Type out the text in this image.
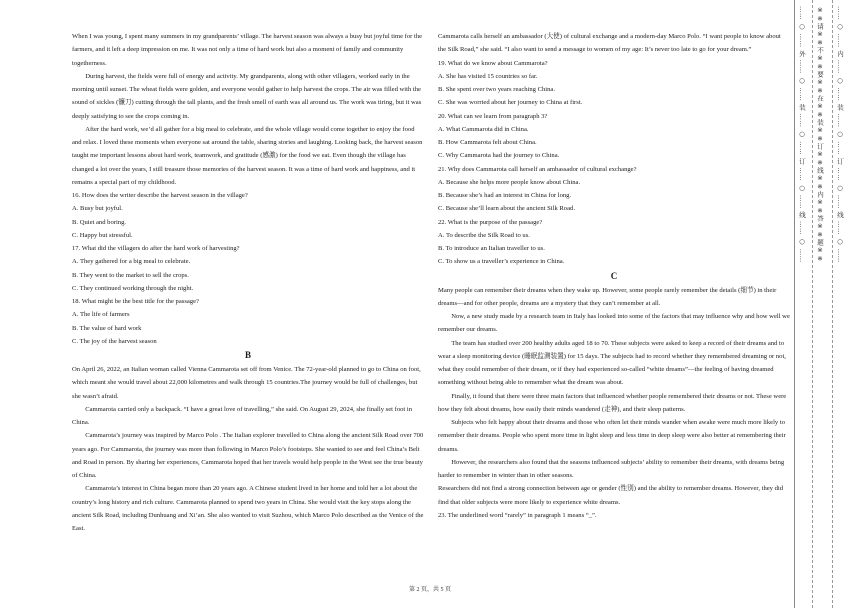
When I was young, I spent many summers in my grandparents’ village. The harvest season was always a busy but joyful time for the farmers, and it left a deep impression on me. It was not only a time of hard work but also a moment of family and community togetherness.

During harvest, the fields were full of energy and activity. My grandparents, along with other villagers, worked early in the morning until sunset. The wheat fields were golden, and everyone would gather to help harvest the crops. The air was filled with the sound of sickles (镰刀) cutting through the tall plants, and the fresh smell of earth was all around us. The work was tiring, but it was deeply satisfying to see the crops coming in.

After the hard work, we’d all gather for a big meal to celebrate, and the whole village would come together to enjoy the food and relax. I loved these moments when everyone sat around the table, sharing stories and laughing. Looking back, the harvest season taught me important lessons about hard work, teamwork, and gratitude (感激) for the food we eat. Even though the village has changed a lot over the years, I still treasure those memories of the harvest season. It was a time of hard work and happiness, and it remains a special part of my childhood.

16. How does the writer describe the harvest season in the village?

A. Busy but joyful.

B. Quiet and boring.

C. Happy but stressful.

17. What did the villagers do after the hard work of harvesting?

A. They gathered for a big meal to celebrate.

B. They went to the market to sell the crops.

C. They continued working through the night.

18. What might be the best title for the passage?

A. The life of farmers

B. The value of hard work

C. The joy of the harvest season

B

On April 26, 2022, an Italian woman called Vienna Cammarota set off from Venice. The 72-year-old planned to go to China on foot, which meant she would travel about 22,000 kilometres and walk through 15 countries.The journey would be full of challenges, but she wasn’t afraid.

Cammarota carried only a backpack. “I have a great love of travelling,” she said. On August 29, 2024, she finally set foot in China.

Cammarota’s journey was inspired by Marco Polo . The Italian explorer travelled to China along the ancient Silk Road over 700 years ago. For Cammarota, the journey was more than following in Marco Polo’s footsteps. She wanted to see and feel China’s Belt and Road in person. By sharing her experiences, Cammarota hoped that her travels would help people in the West see the true beauty of China.

Cammarota’s interest in China began more than 20 years ago. A Chinese student lived in her home and told her a lot about the country’s long history and rich culture. Cammarota planned to spend two years in China. She would visit the key stops along the ancient Silk Road, including Dunhuang and Xi’an. She also wanted to visit Suzhou, which Marco Polo described as the Venice of the East.

Cammarota calls herself an ambassador (大使) of cultural exchange and a modern-day Marco Polo. “I want people to know about the Silk Road,” she said. “I also want to send a message to women of my age: It’s never too late to go for your dream.”

19. What do we know about Cammarota?

A. She has visited 15 countries so far.

B. She spent over two years reaching China.

C. She was worried about her journey to China at first.

20. What can we learn from paragraph 3?

A. What Cammarota did in China.

B. How Cammarota felt about China.

C. Why Cammarota had the journey to China.

21. Why does Cammarota call herself an ambassador of cultural exchange?

A. Because she helps more people know about China.

B. Because she’s had an interest in China for long.

C. Because she’ll learn about the ancient Silk Road.

22. What is the purpose of the passage?

A. To describe the Silk Road to us.

B. To introduce an Italian traveller to us.

C. To show us a traveller’s experience in China.

C

Many people can remember their dreams when they wake up. However, some people rarely remember the details (细节) in their dreams—and for other people, dreams are a mystery that they can’t remember at all.

Now, a new study made by a research team in Italy has looked into some of the factors that may influence why and how well we remember our dreams.

The team has studied over 200 healthy adults aged 18 to 70. These subjects were asked to keep a record of their dreams and to wear a sleep monitoring device (睡眠监测装置) for 15 days. The subjects had to record whether they remembered dreaming or not, what they could remember of their dream, or if they had experienced so-called “white dreams”—the feeling of having dreamed something without being able to remember what the dream was about.

Finally, it found that there were three main factors that influenced whether people remembered their dreams or not. These were how they felt about dreams, how easily their minds wandered (走神), and their sleep patterns.

Subjects who felt happy about their dreams and those who often let their minds wander when awake were much more likely to remember their dreams. People who spent more time in light sleep and less time in deep sleep were also better at remembering their dreams.

However, the researchers also found that the seasons influenced subjects’ ability to remember their dreams, with dreams being harder to remember in winter than in other seasons.

Researchers did not find a strong connection between age or gender (性别) and the ability to remember dreams. However, they did find that older subjects were more likely to experience white dreams.

23. The underlined word “rarely” in paragraph 1 means “_”.

第 2 页，共 5 页
…… ○ …… 外 …… ○ …… 装 …… ○ …… 订 …… ○ …… 线 …… ○ …… ※※请※※不※※要※※在※※装※※订※※线※※内※※答※※题※※ …… ○ …… 内 …… ○ …… 装 …… ○ …… 订 …… ○ …… 线 …… ○ ……
